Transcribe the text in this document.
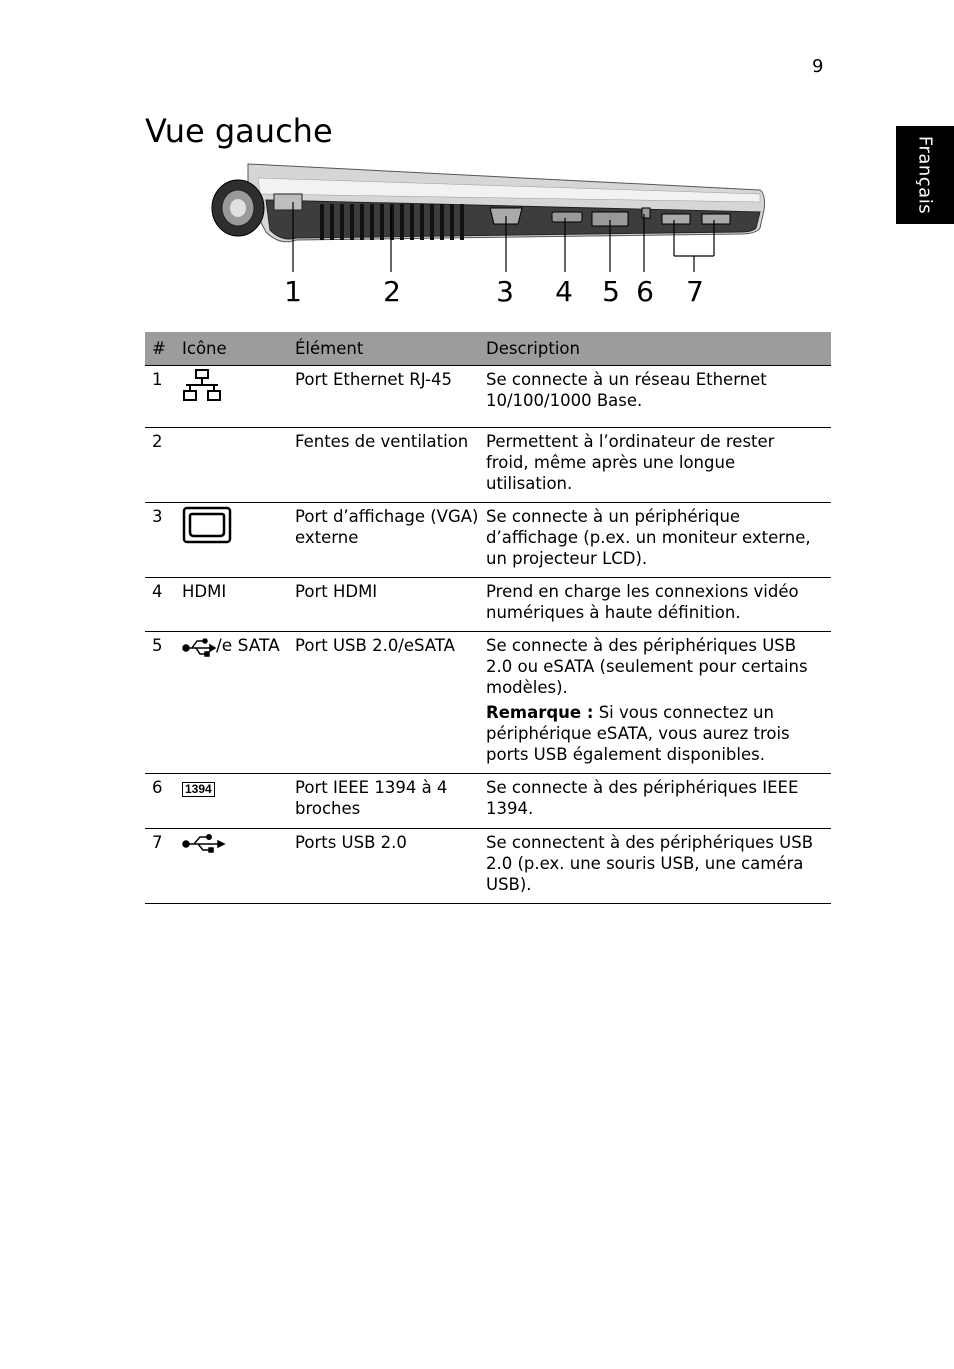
9
Français
Vue gauche
1	2	3 4 5 6 7
#	Icône	Élément	Description
1		Port Ethernet RJ-45	Se connecte à un réseau Ethernet 10/100/1000 Base.
2		Fentes de ventilation	Permettent à l’ordinateur de rester froid, même après une longue utilisation.
3		Port d’affichage (VGA) externe	Se connecte à un périphérique d’affichage (p.ex. un moniteur externe, un projecteur LCD).
4	HDMI	Port HDMI	Prend en charge les connexions vidéo numériques à haute définition.
5	/e SATA	Port USB 2.0/eSATA	Se connecte à des périphériques USB 2.0 ou eSATA (seulement pour certains modèles).
Remarque : Si vous connectez un périphérique eSATA, vous aurez trois ports USB également disponibles.

6	1394	Port IEEE 1394 à 4 broches	Se connecte à des périphériques IEEE 1394.
7		Ports USB 2.0	Se connectent à des périphériques USB 2.0 (p.ex. une souris USB, une caméra USB).
